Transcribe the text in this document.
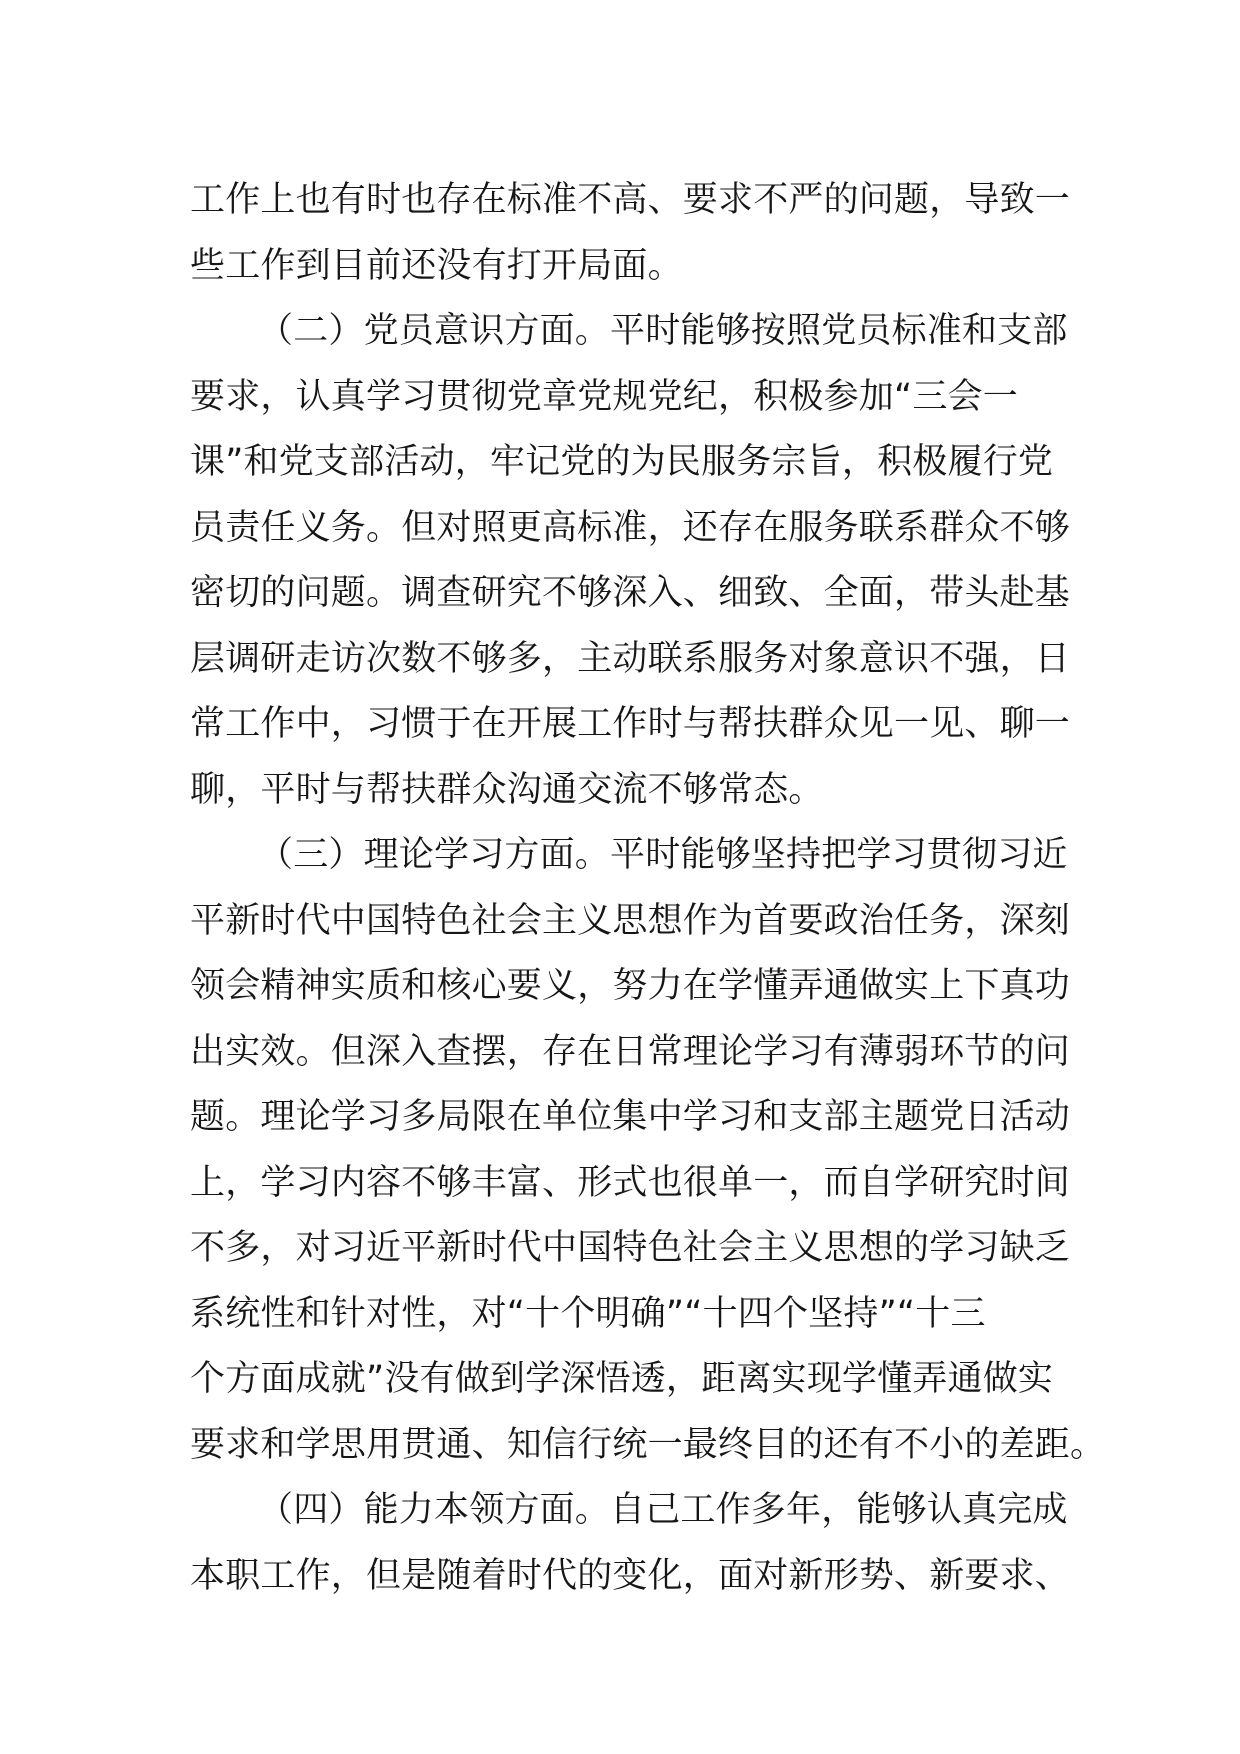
工作上也有时也存在标准不高、要求不严的问题，导致一
些工作到目前还没有打开局面。
（二）党员意识方面。平时能够按照党员标准和支部
要求，认真学习贯彻党章党规党纪，积极参加“三会一
课”和党支部活动，牢记党的为民服务宗旨，积极履行党
员责任义务。但对照更高标准，还存在服务联系群众不够
密切的问题。调查研究不够深入、细致、全面，带头赴基
层调研走访次数不够多，主动联系服务对象意识不强，日
常工作中，习惯于在开展工作时与帮扶群众见一见、聊一
聊，平时与帮扶群众沟通交流不够常态。
（三）理论学习方面。平时能够坚持把学习贯彻习近
平新时代中国特色社会主义思想作为首要政治任务，深刻
领会精神实质和核心要义，努力在学懂弄通做实上下真功
出实效。但深入查摆，存在日常理论学习有薄弱环节的问
题。理论学习多局限在单位集中学习和支部主题党日活动
上，学习内容不够丰富、形式也很单一，而自学研究时间
不多，对习近平新时代中国特色社会主义思想的学习缺乏
系统性和针对性，对“十个明确”“十四个坚持”“十三
个方面成就”没有做到学深悟透，距离实现学懂弄通做实
要求和学思用贯通、知信行统一最终目的还有不小的差距。
（四）能力本领方面。自己工作多年，能够认真完成
本职工作，但是随着时代的变化，面对新形势、新要求、
